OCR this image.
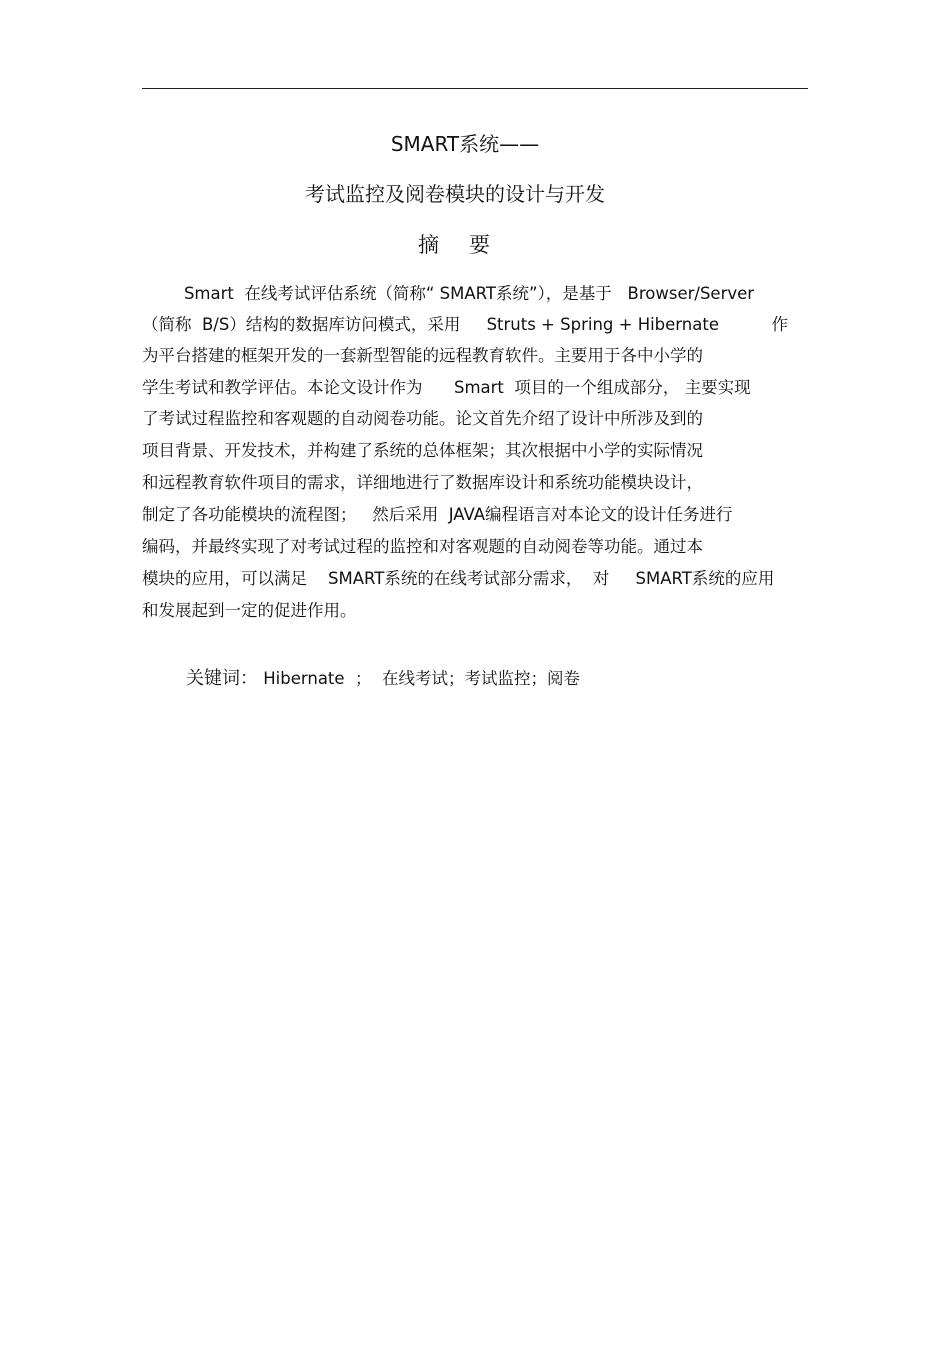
SMART系统——
考试监控及阅卷模块的设计与开发
摘要
Smart  在线考试评估系统（简称“ SMART系统”），是基于   Browser/Server
（简称  B/S）结构的数据库访问模式，采用     Struts + Spring + Hibernate          作
为平台搭建的框架开发的一套新型智能的远程教育软件。主要用于各中小学的
学生考试和教学评估。本论文设计作为      Smart  项目的一个组成部分， 主要实现
了考试过程监控和客观题的自动阅卷功能。论文首先介绍了设计中所涉及到的
项目背景、开发技术，并构建了系统的总体框架；其次根据中小学的实际情况
和远程教育软件项目的需求，详细地进行了数据库设计和系统功能模块设计，
制定了各功能模块的流程图；   然后采用  JAVA编程语言对本论文的设计任务进行
编码，并最终实现了对考试过程的监控和对客观题的自动阅卷等功能。通过本
模块的应用，可以满足    SMART系统的在线考试部分需求，  对     SMART系统的应用
和发展起到一定的促进作用。
关键词： Hibernate  ；  在线考试；考试监控；阅卷
